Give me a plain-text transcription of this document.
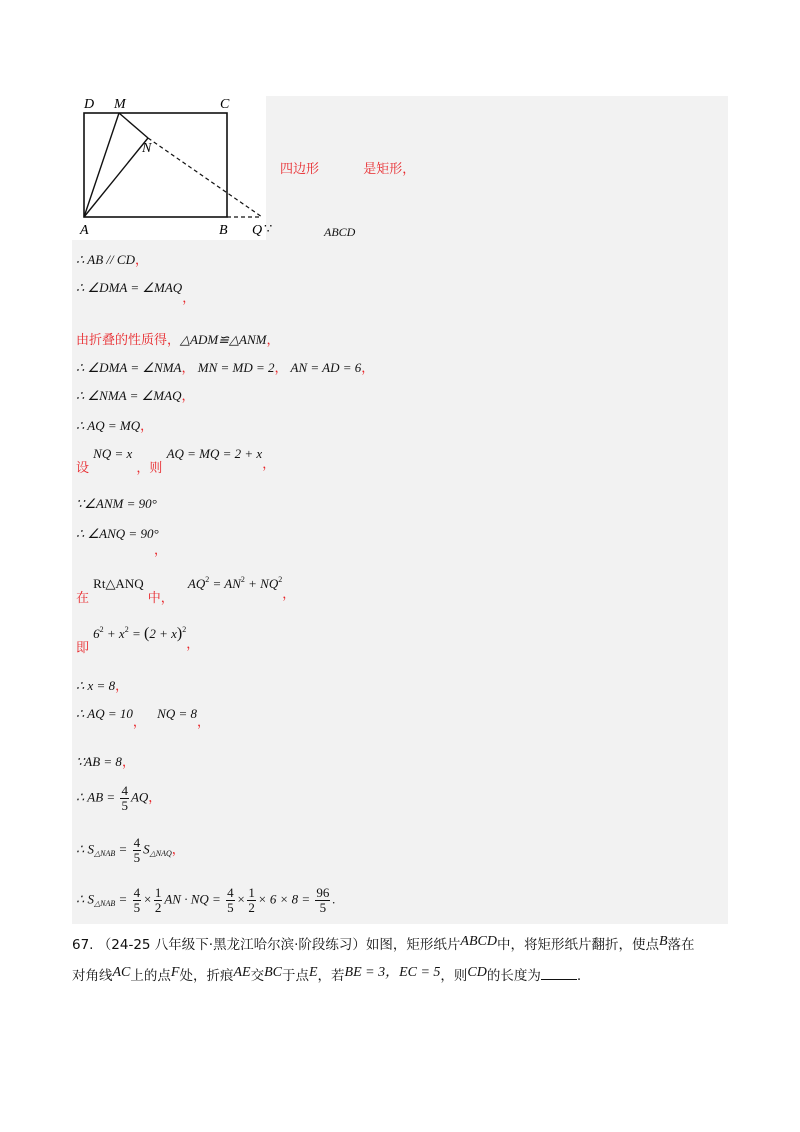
D M	C
N
A	B Q ∵
四边形	是矩形，
ABCD
∴ AB // CD，
∴ ∠DMA = ∠MAQ，
由折叠的性质得，△ADM≌△ANM，
∴ ∠DMA = ∠NMA， MN = MD = 2， AN = AD = 6，
∴ ∠NMA = ∠MAQ，
∴ AQ = MQ，
设 NQ = x ，则 AQ = MQ = 2 + x，
∵∠ANM = 90°
∴ ∠ANQ = 90°
，
在 Rt△ANQ 中， $AQ^2 = AN^2 + NQ^2$，
即 $6^2 + x^2 = (2 + x)^2$，
∴ x = 8，
∴ AQ = 10， NQ = 8，
∵AB = 8，
∴ AB = $\frac{4}{5}$ AQ，
∴ $S_{\triangle NAB} = \frac{4}{5} S_{\triangle NAQ}$，
∴ $S_{\triangle NAB} = \frac{4}{5} \times \frac{1}{2}$ AN · NQ = $\frac{4}{5} \times \frac{1}{2} \times 6 \times 8 = \frac{96}{5}$ .
67. （24-25 八年级下·黑龙江哈尔滨·阶段练习）如图，矩形纸片ABCD中，将矩形纸片翻折，使点B落在
对角线AC上的点F处，折痕AE交BC于点E，若BE = 3，EC = 5，则CD的长度为	.
